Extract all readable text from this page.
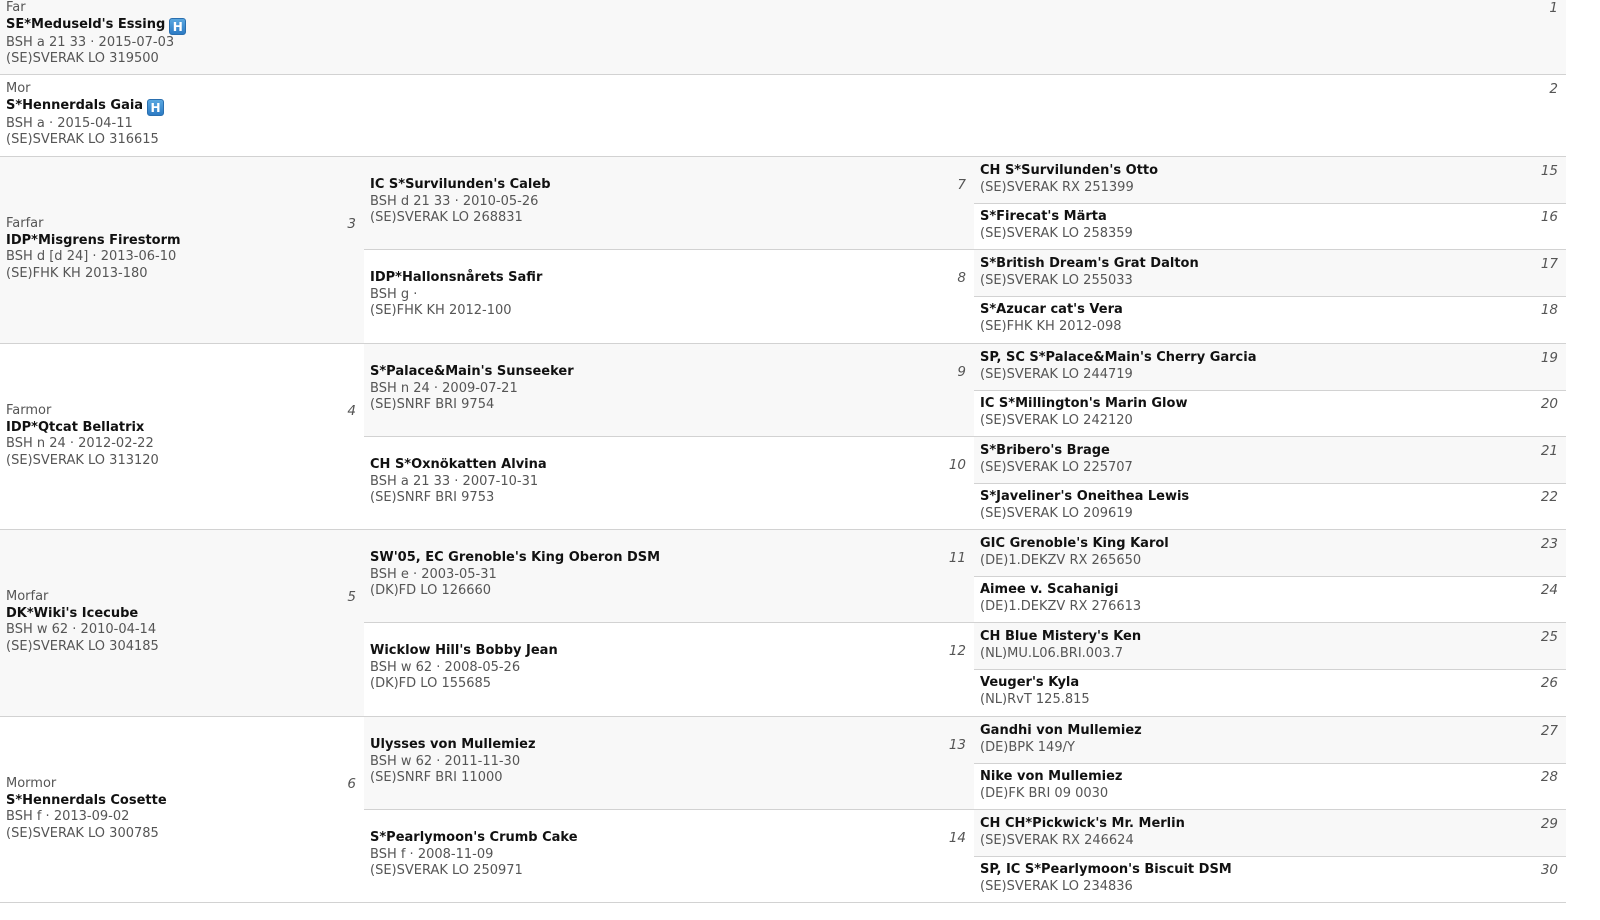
Far
SE*Meduseld's Essing H
BSH a 21 33 · 2015-07-03
(SE)SVERAK LO 319500
1
Mor
S*Hennerdals Gaia H
BSH a · 2015-04-11
(SE)SVERAK LO 316615
2
Farfar
IDP*Misgrens Firestorm
BSH d [d 24] · 2013-06-10
(SE)FHK KH 2013-180
3
IC S*Survilunden's Caleb
BSH d 21 33 · 2010-05-26
(SE)SVERAK LO 268831
7
IDP*Hallonsnårets Safir
BSH g ·
(SE)FHK KH 2012-100
8
CH S*Survilunden's Otto
(SE)SVERAK RX 251399
15
S*Firecat's Märta
(SE)SVERAK LO 258359
16
S*British Dream's Grat Dalton
(SE)SVERAK LO 255033
17
S*Azucar cat's Vera
(SE)FHK KH 2012-098
18
Farmor
IDP*Qtcat Bellatrix
BSH n 24 · 2012-02-22
(SE)SVERAK LO 313120
4
S*Palace&Main's Sunseeker
BSH n 24 · 2009-07-21
(SE)SNRF BRI 9754
9
CH S*Oxnökatten Alvina
BSH a 21 33 · 2007-10-31
(SE)SNRF BRI 9753
10
SP, SC S*Palace&Main's Cherry Garcia
(SE)SVERAK LO 244719
19
IC S*Millington's Marin Glow
(SE)SVERAK LO 242120
20
S*Bribero's Brage
(SE)SVERAK LO 225707
21
S*Javeliner's Oneithea Lewis
(SE)SVERAK LO 209619
22
Morfar
DK*Wiki's Icecube
BSH w 62 · 2010-04-14
(SE)SVERAK LO 304185
5
SW'05, EC Grenoble's King Oberon DSM
BSH e · 2003-05-31
(DK)FD LO 126660
11
Wicklow Hill's Bobby Jean
BSH w 62 · 2008-05-26
(DK)FD LO 155685
12
GIC Grenoble's King Karol
(DE)1.DEKZV RX 265650
23
Aimee v. Scahanigi
(DE)1.DEKZV RX 276613
24
CH Blue Mistery's Ken
(NL)MU.L06.BRI.003.7
25
Veuger's Kyla
(NL)RvT 125.815
26
Mormor
S*Hennerdals Cosette
BSH f · 2013-09-02
(SE)SVERAK LO 300785
6
Ulysses von Mullemiez
BSH w 62 · 2011-11-30
(SE)SNRF BRI 11000
13
S*Pearlymoon's Crumb Cake
BSH f · 2008-11-09
(SE)SVERAK LO 250971
14
Gandhi von Mullemiez
(DE)BPK 149/Y
27
Nike von Mullemiez
(DE)FK BRI 09 0030
28
CH CH*Pickwick's Mr. Merlin
(SE)SVERAK RX 246624
29
SP, IC S*Pearlymoon's Biscuit DSM
(SE)SVERAK LO 234836
30
